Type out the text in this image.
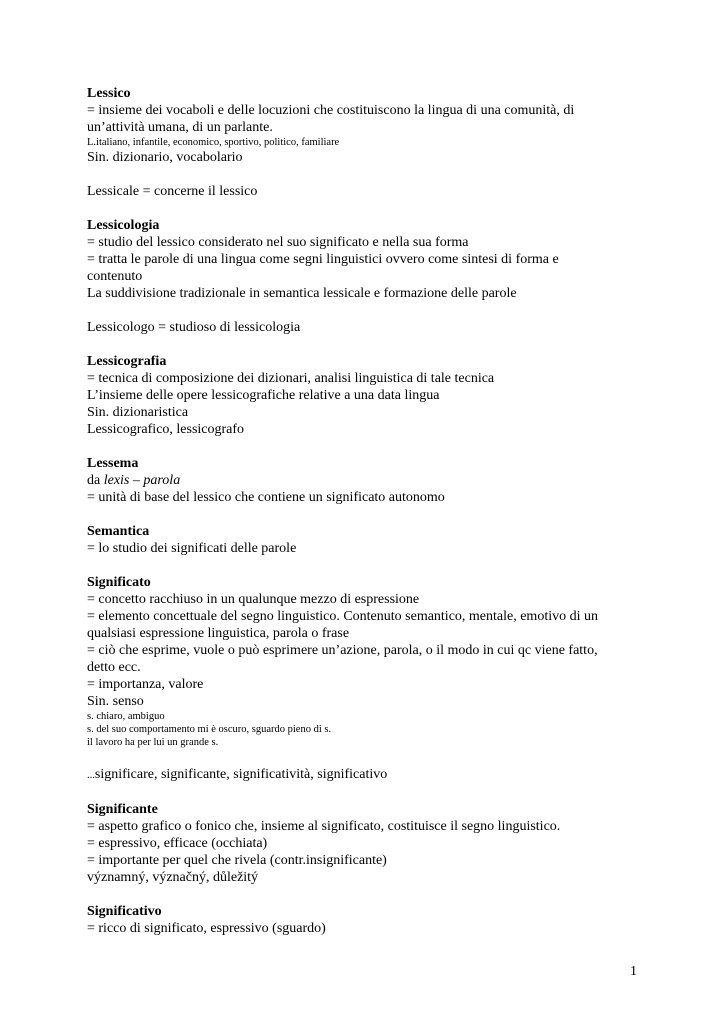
Lessico
= insieme dei vocaboli e delle locuzioni che costituiscono la lingua di una comunità, di
un’attività umana, di un parlante.
L.italiano, infantile, economico, sportivo, politico, familiare
Sin. dizionario, vocabolario
Lessicale = concerne il lessico
Lessicologia
= studio del lessico considerato nel suo significato e nella sua forma
= tratta le parole di una lingua come segni linguistici ovvero come sintesi di forma e
contenuto
La suddivisione tradizionale in semantica lessicale e formazione delle parole
Lessicologo = studioso di lessicologia
Lessicografia
= tecnica di composizione dei dizionari, analisi linguistica di tale tecnica
L’insieme delle opere lessicografiche relative a una data lingua
Sin. dizionaristica
Lessicografico, lessicografo
Lessema
da lexis – parola
= unità di base del lessico che contiene un significato autonomo
Semantica
= lo studio dei significati delle parole
Significato
= concetto racchiuso in un qualunque mezzo di espressione
= elemento concettuale del segno linguistico. Contenuto semantico, mentale, emotivo di un
qualsiasi espressione linguistica, parola o frase
= ciò che esprime, vuole o può esprimere un’azione, parola, o il modo in cui qc viene fatto,
detto ecc.
= importanza, valore
Sin. senso
s. chiaro, ambiguo
s. del suo comportamento mi è oscuro, sguardo pieno di s.
il lavoro ha per lui un grande s.
...significare, significante, significatività, significativo
Significante
= aspetto grafico o fonico che, insieme al significato, costituisce il segno linguistico.
= espressivo, efficace (occhiata)
= importante per quel che rivela (contr.insignificante)
významný, význačný, důležitý
Significativo
= ricco di significato, espressivo (sguardo)
1
